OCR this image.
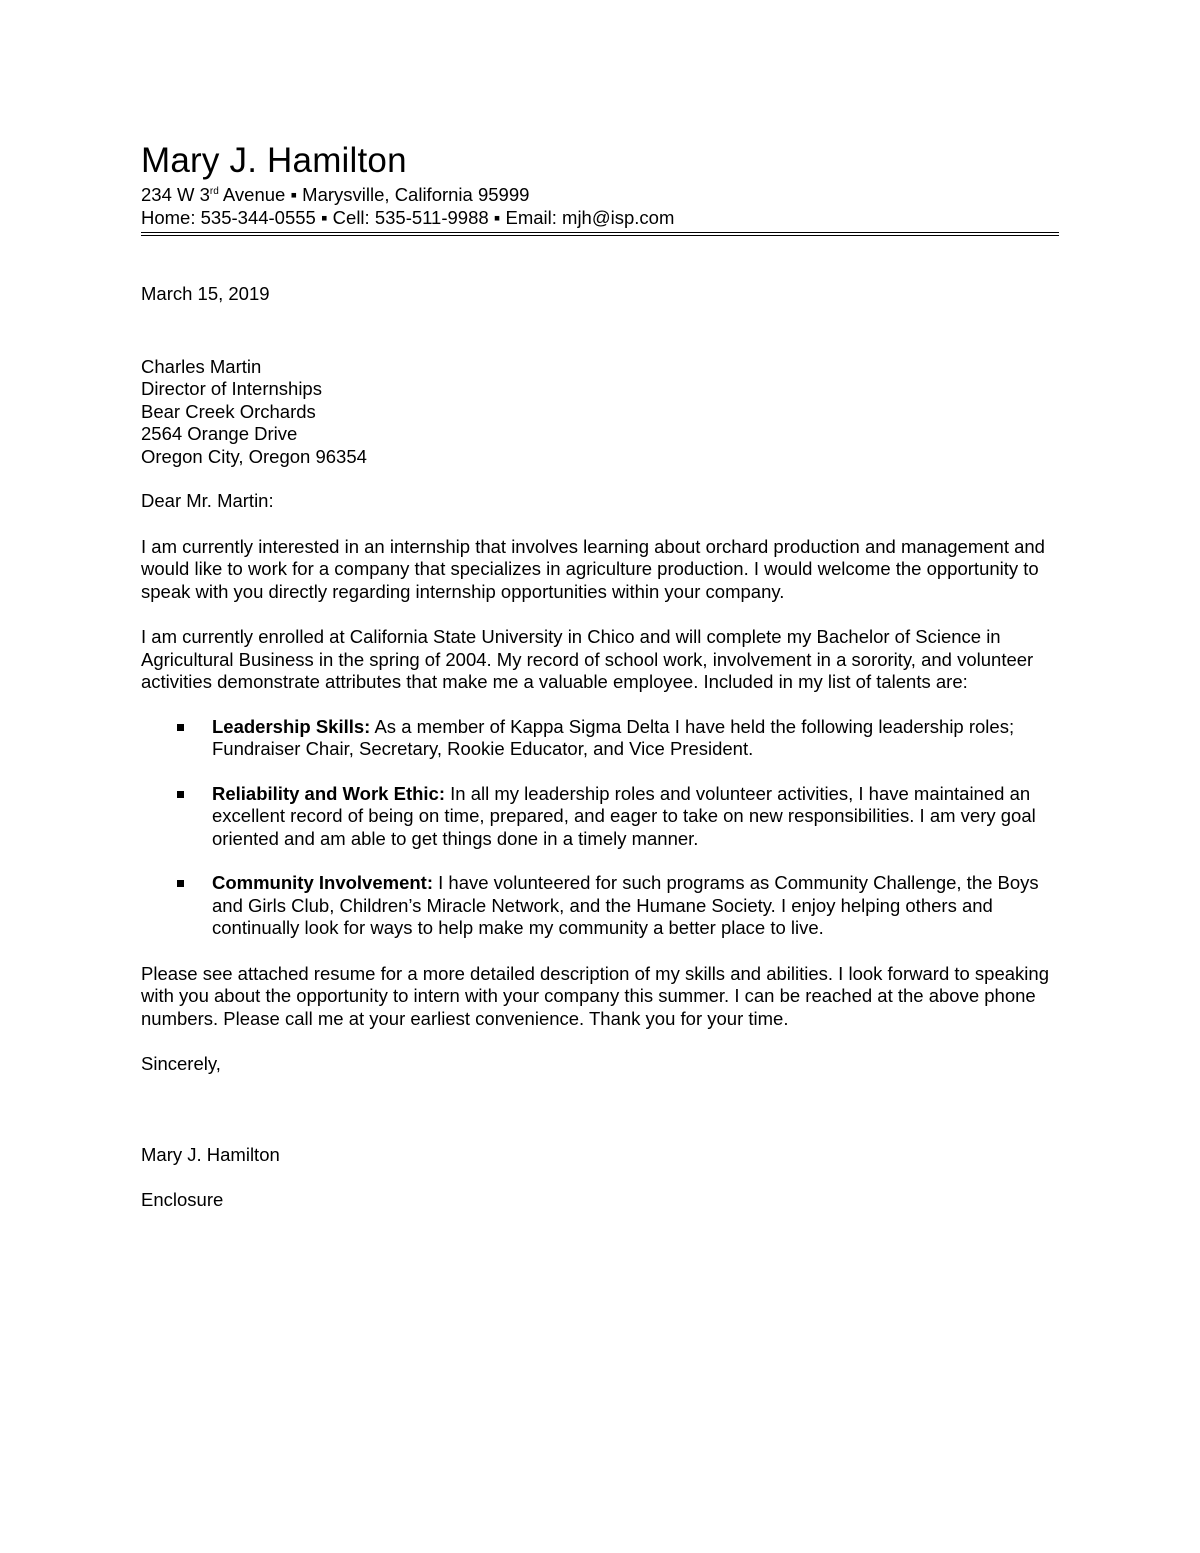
Mary J. Hamilton
234 W 3rd Avenue ▪ Marysville, California 95999
Home: 535-344-0555 ▪ Cell: 535-511-9988 ▪ Email: mjh@isp.com
March 15, 2019
Charles Martin
Director of Internships
Bear Creek Orchards
2564 Orange Drive
Oregon City, Oregon 96354
Dear Mr. Martin:
I am currently interested in an internship that involves learning about orchard production and management and would like to work for a company that specializes in agriculture production. I would welcome the opportunity to speak with you directly regarding internship opportunities within your company.
I am currently enrolled at California State University in Chico and will complete my Bachelor of Science in Agricultural Business in the spring of 2004. My record of school work, involvement in a sorority, and volunteer activities demonstrate attributes that make me a valuable employee. Included in my list of talents are:
Leadership Skills: As a member of Kappa Sigma Delta I have held the following leadership roles; Fundraiser Chair, Secretary, Rookie Educator, and Vice President.
Reliability and Work Ethic: In all my leadership roles and volunteer activities, I have maintained an excellent record of being on time, prepared, and eager to take on new responsibilities. I am very goal oriented and am able to get things done in a timely manner.
Community Involvement: I have volunteered for such programs as Community Challenge, the Boys and Girls Club, Children’s Miracle Network, and the Humane Society. I enjoy helping others and continually look for ways to help make my community a better place to live.
Please see attached resume for a more detailed description of my skills and abilities. I look forward to speaking with you about the opportunity to intern with your company this summer. I can be reached at the above phone numbers. Please call me at your earliest convenience. Thank you for your time.
Sincerely,
Mary J. Hamilton
Enclosure
